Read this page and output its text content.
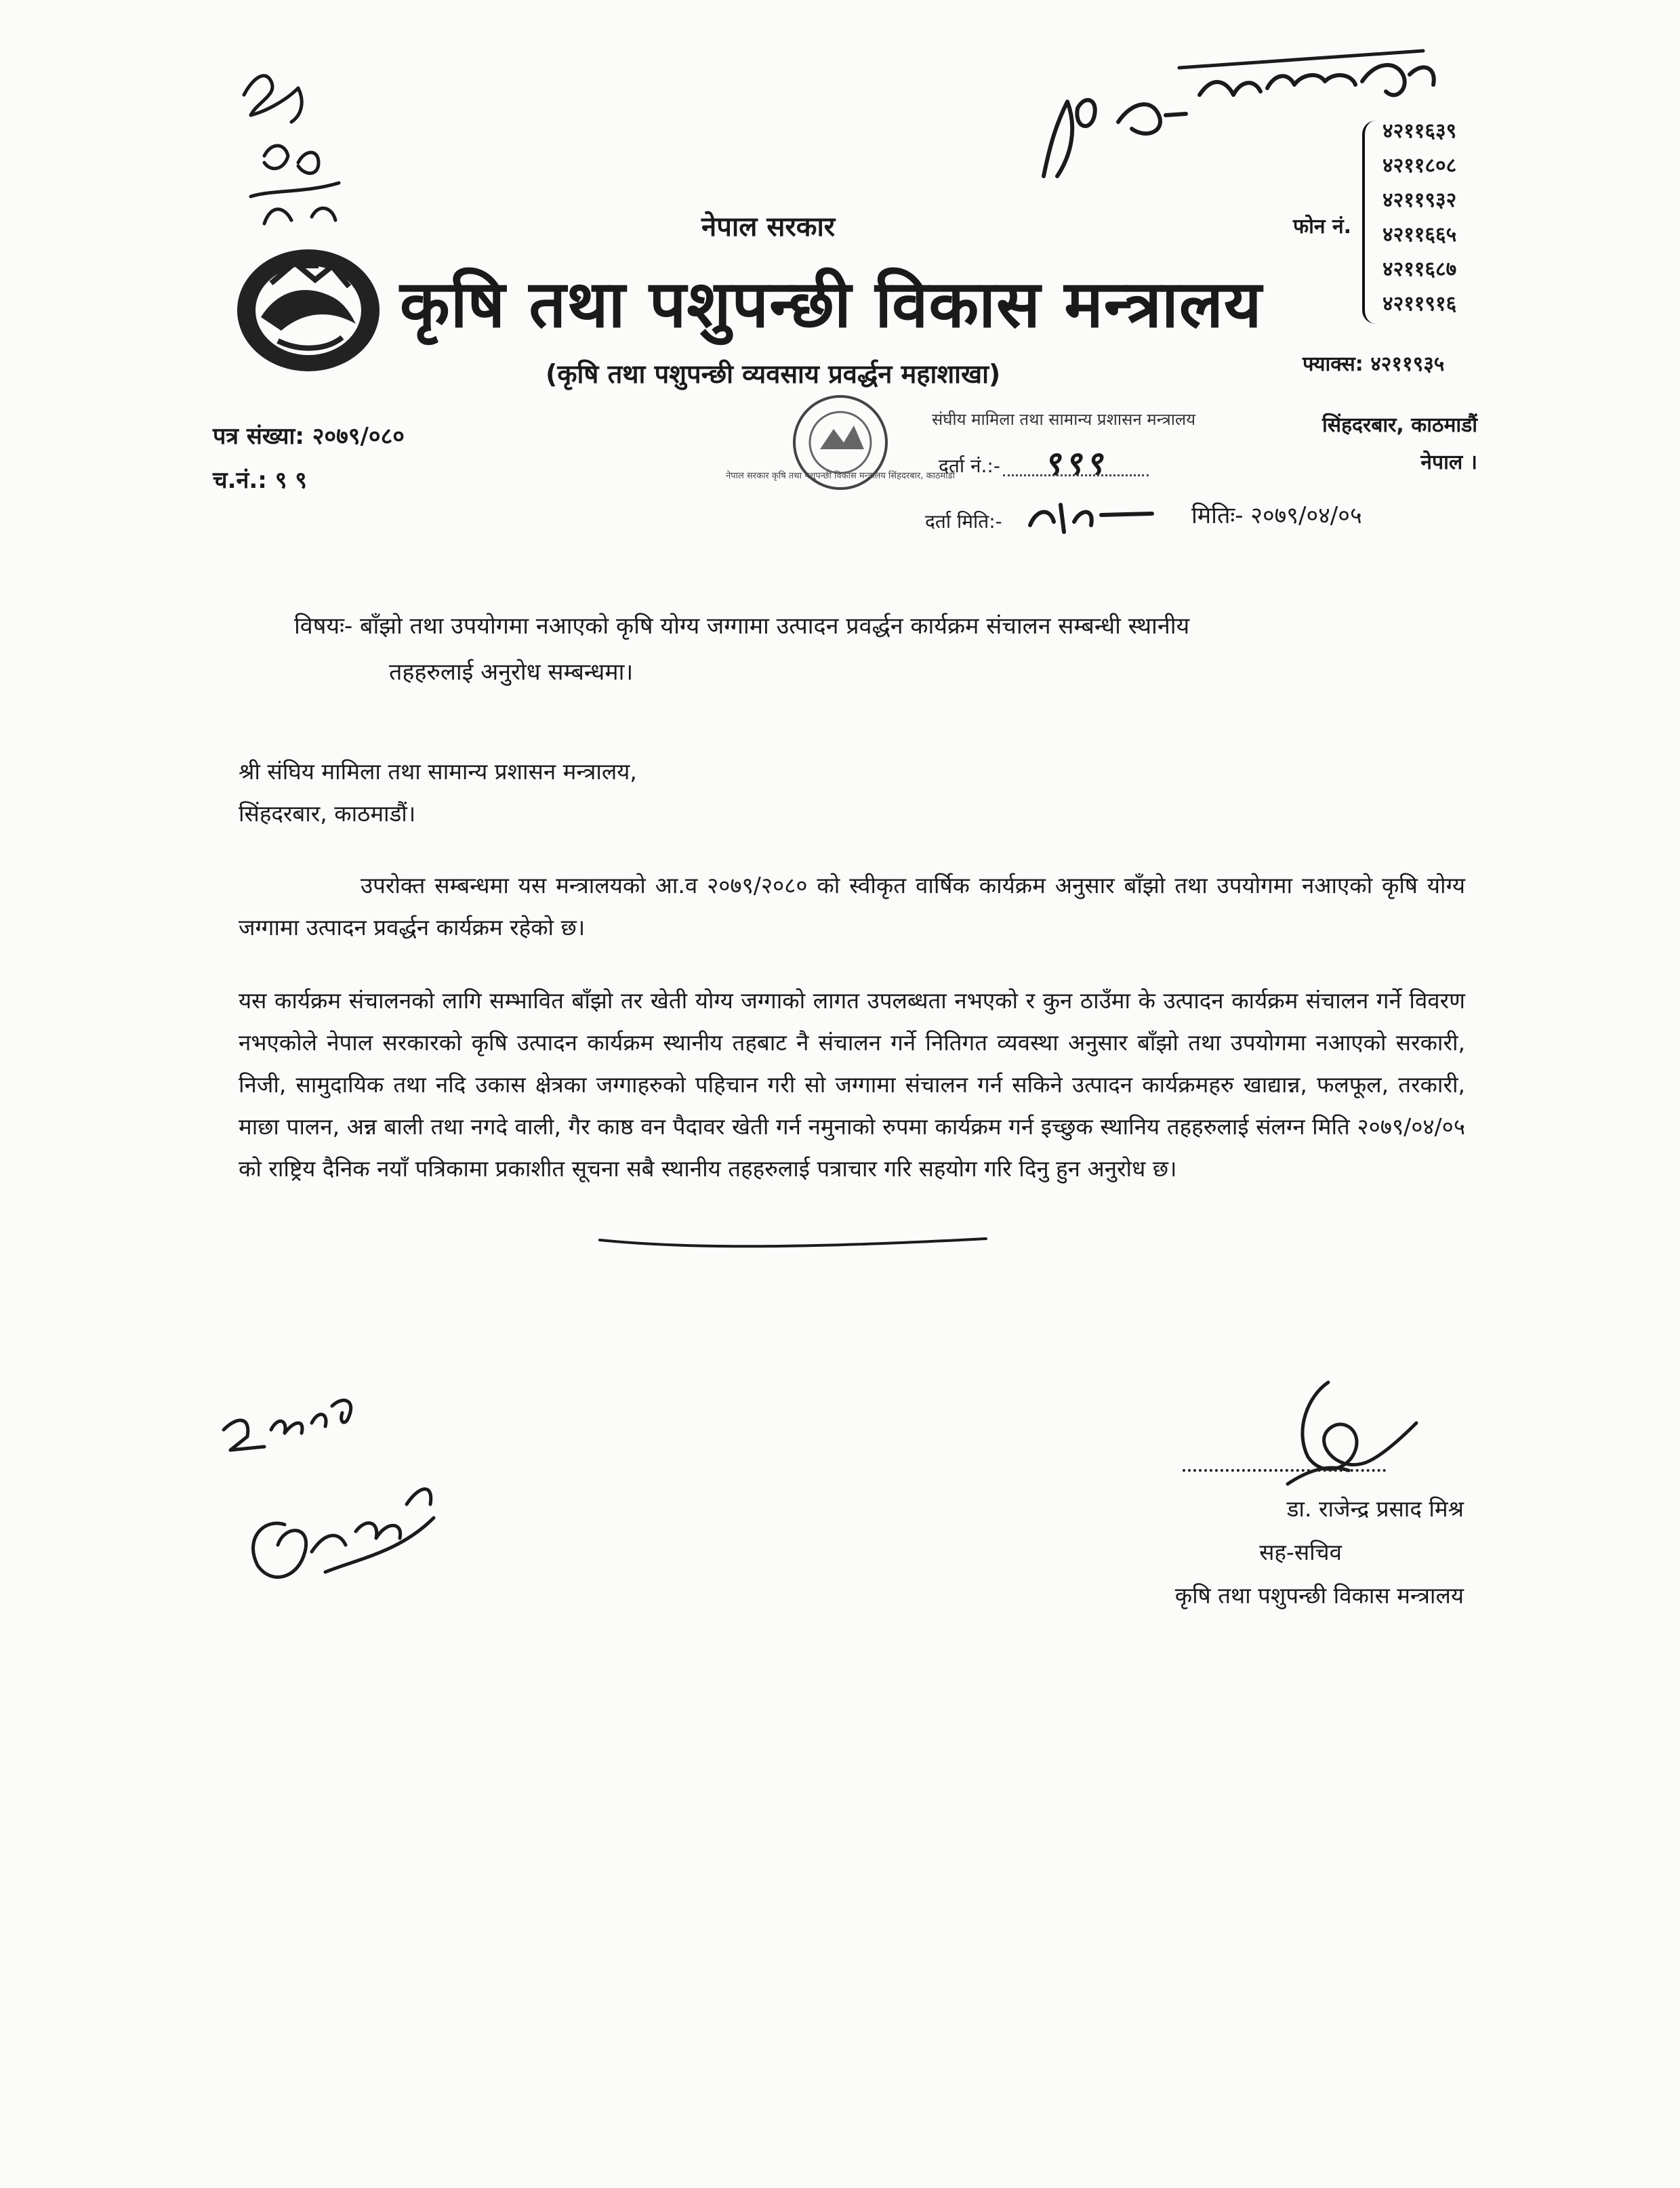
नेपाल सरकार
कृषि तथा पशुपन्छी विकास मन्त्रालय
(कृषि तथा पशुपन्छी व्यवसाय प्रवर्द्धन महाशाखा)
फोन नं.
४२११६३९
४२११८०८
४२११९३२
४२११६६५
४२११६८७
४२११९१६
फ्याक्स: ४२११९३५
सिंहदरबार, काठमाडौं
नेपाल ।
पत्र संख्या: २०७९/०८०
च.नं.: ९ ९	नेपाल सरकार कृषि तथा पशुपन्छी विकास मन्त्रालय सिंहदरबार, काठमाडौं
संघीय मामिला तथा सामान्य प्रशासन मन्त्रालय
दर्ता नं.:- ९९९
दर्ता मिति:-	मितिः- २०७९/०४/०५
विषयः- बाँझो तथा उपयोगमा नआएको कृषि योग्य जग्गामा उत्पादन प्रवर्द्धन कार्यक्रम संचालन सम्बन्धी स्थानीय
तहहरुलाई अनुरोध सम्बन्धमा।
श्री संघिय मामिला तथा सामान्य प्रशासन मन्त्रालय,
सिंहदरबार, काठमाडौं।
उपरोक्त सम्बन्धमा यस मन्त्रालयको आ.व २०७९/२०८० को स्वीकृत वार्षिक कार्यक्रम अनुसार बाँझो तथा उपयोगमा नआएको कृषि योग्य जग्गामा उत्पादन प्रवर्द्धन कार्यक्रम रहेको छ।
यस कार्यक्रम संचालनको लागि सम्भावित बाँझो तर खेती योग्य जग्गाको लागत उपलब्धता नभएको र कुन ठाउँमा के उत्पादन कार्यक्रम संचालन गर्ने विवरण नभएकोले नेपाल सरकारको कृषि उत्पादन कार्यक्रम स्थानीय तहबाट नै संचालन गर्ने नितिगत व्यवस्था अनुसार बाँझो तथा उपयोगमा नआएको सरकारी, निजी, सामुदायिक तथा नदि उकास क्षेत्रका जग्गाहरुको पहिचान गरी सो जग्गामा संचालन गर्न सकिने उत्पादन कार्यक्रमहरु खाद्यान्न, फलफूल, तरकारी, माछा पालन, अन्न बाली तथा नगदे वाली, गैर काष्ठ वन पैदावर खेती गर्न नमुनाको रुपमा कार्यक्रम गर्न इच्छुक स्थानिय तहहरुलाई संलग्न मिति २०७९/०४/०५ को राष्ट्रिय दैनिक नयाँ पत्रिकामा प्रकाशीत सूचना सबै स्थानीय तहहरुलाई पत्राचार गरि सहयोग गरि दिनु हुन अनुरोध छ।
डा. राजेन्द्र प्रसाद मिश्र
सह-सचिव
कृषि तथा पशुपन्छी विकास मन्त्रालय
